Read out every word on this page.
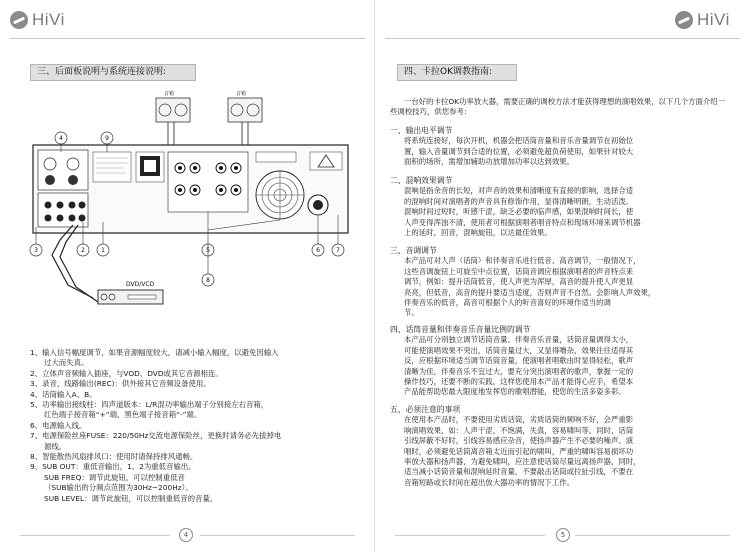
HiVi
三、后面板说明与系统连接说明:
音箱	音箱
4	9
3	2	1	5
8
6	7
DVD/VCD

1、输入信号幅度调节，如果音源幅度较大，请减小输入幅度，以避免因输入

过大而失真。

2、立体声音频输入插座，与VOD、DVD或其它音源相连。

3、录音，线路输出(REC)：供外接其它音频设备使用。

4、话筒输入A、B。

5、功率输出接线柱：四声道版本：L/R混功率输出端子分别接左右音箱，

红色端子接音箱“+”端，黑色端子接音箱“-”端。

6、电源输入线。

7、电源保险丝座FUSE：220/50Hz交流电源保险丝，更换时请务必先拔掉电

源线。

8、智能散热风扇排风口：使用时请保持排风通畅。

9、SUB OUT：重低音输出，1、2为重低音输出。

SUB FREQ：调节此旋钮，可以控制重低音

（SUB输出的分频点范围为30Hz~200Hz）。

SUB LEVEL：调节此旋钮，可以控制重低音的音量。

4
HiVi
四、卡拉OK调教指南:
5
一台好的卡拉OK功率放大器，需要正确的调校方法才能获得理想的演唱效果，以下几个方面介绍一些调校技巧，供您参考：
一、输出电平调节
将系统连接好，每次开机，机器会把话筒音量和音乐音量调节在初始位
置，输入音量调节到合适的位置，必须避免超负荷使用，如果针对较大
面积的场所，需增加辅助功放增加功率以达到效果。
二、混响效果调节
混响是指余音的长短，对声音的效果和清晰度有直接的影响，选择合适
的混响时间对演唱者的声音具有修饰作用，显得清晰明朗，生动活泼。
混响时间过短时，听感干涩，缺乏必要的临声感，如果混响时间长，使
人声变得浑浊不清，使用者可根据演唱者唱音特点和现场环境来调节机器
上的延时，回音，混响旋钮，以达最佳效果。
三、音调调节
本产品可对人声（话筒）和伴奏音乐进行低音、高音调节，一般情况下，
这些音调旋钮上可旋至中点位置，话筒音调应根据演唱者的声音特点来
调节，例如：提升话筒低音，使人声更为浑厚，高音的提升使人声更显
亮亮，但低音，高音的提升要适当适度，否则声音不自然。会影响人声效果，
伴奏音乐的低音，高音可根据个人的听音喜好的环境作适当的调
节。
四、话筒音量和伴奏音乐音量比例的调节
本产品可分别独立调节话筒音量、伴奏音乐音量，话筒音量调得太小，
可能使演唱效果不突出，话筒音量过大，又显得噜杂，效果往往适得其
反，应根据环境适当调节话筒音量，使演唱者唱歌由时显得轻松，歌声
清晰为佳，伴奏音乐不宜过大，要充分突出演唱者的歌声，掌握一定的
操作技巧，还要不断的实践，这样您使用本产品才能得心应手，希望本
产品能帮助您最大限度地发挥您的歌唱潜能，使您的生活多姿多彩。
五、必须注意的事项
在使用本产品时，不要使用劣质话筒，劣质话筒的频响不好，会严重影
响演唱效果，如：人声干涩，不饱满，失真，容易啸叫等。同时，话筒
引线屏蔽不好时，引线容易感应杂音，使扬声器产生不必要的噪声。演
唱时，必须避免话筒离音箱太近而引起的啸叫，严重的啸叫容易损坏功
率放大器和扬声器，为避免啸叫，应注意使话筒尽量远离扬声器，同时，
适当减小话筒音量和混响延时音量，不要敲击话筒或拉扯引线，不要在
音箱短路或长时间在超出放大器功率的情况下工作。
